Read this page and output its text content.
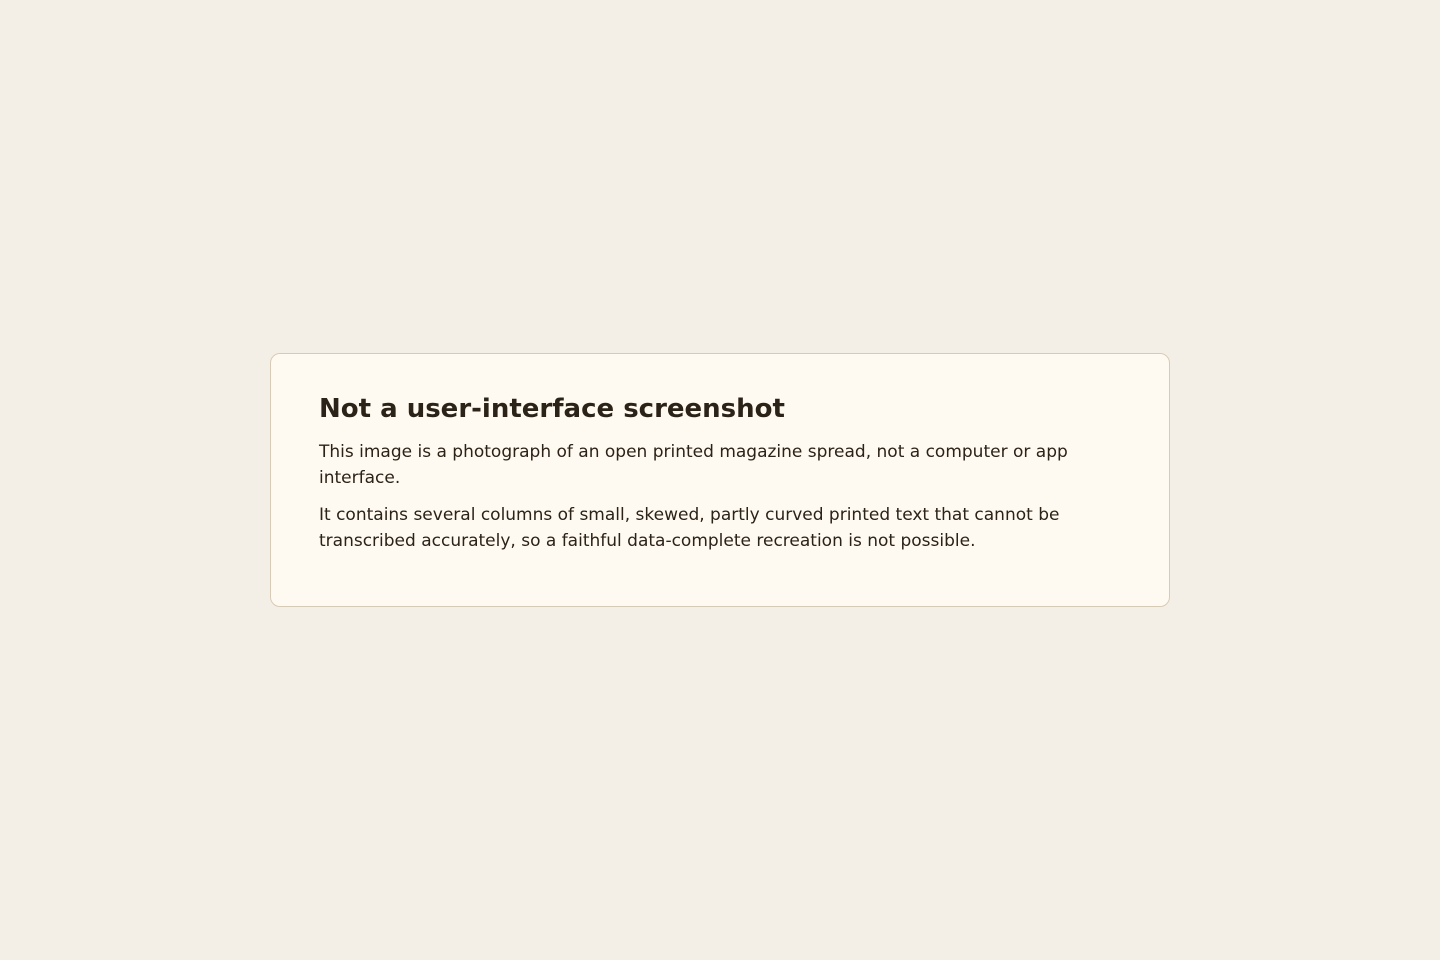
Not a user-interface screenshot

This image is a photograph of an open printed magazine spread, not a computer or app interface.

It contains several columns of small, skewed, partly curved printed text that cannot be transcribed accurately, so a faithful data-complete recreation is not possible.
